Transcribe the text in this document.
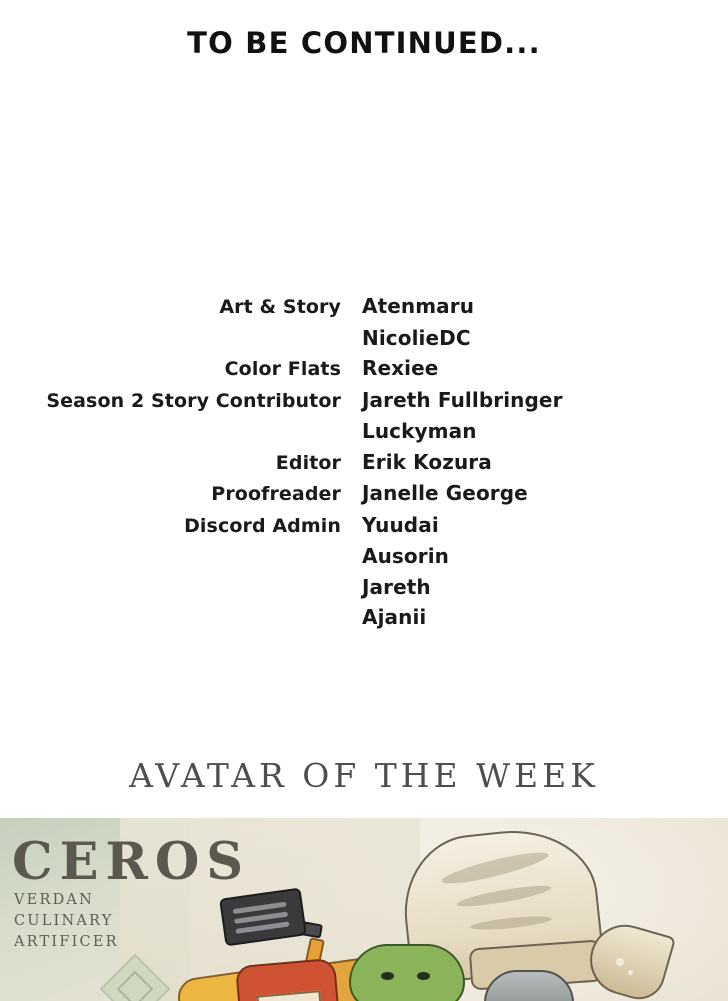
TO BE CONTINUED...
Art & Story Atenmaru
NicolieDC
Color Flats Rexiee
Season 2 Story Contributor Jareth Fullbringer
Luckyman
Editor Erik Kozura
Proofreader Janelle George
Discord Admin Yuudai
Ausorin
Jareth
Ajanii
AVATAR OF THE WEEK
CEROS
VERDAN
CULINARY
ARTIFICER
